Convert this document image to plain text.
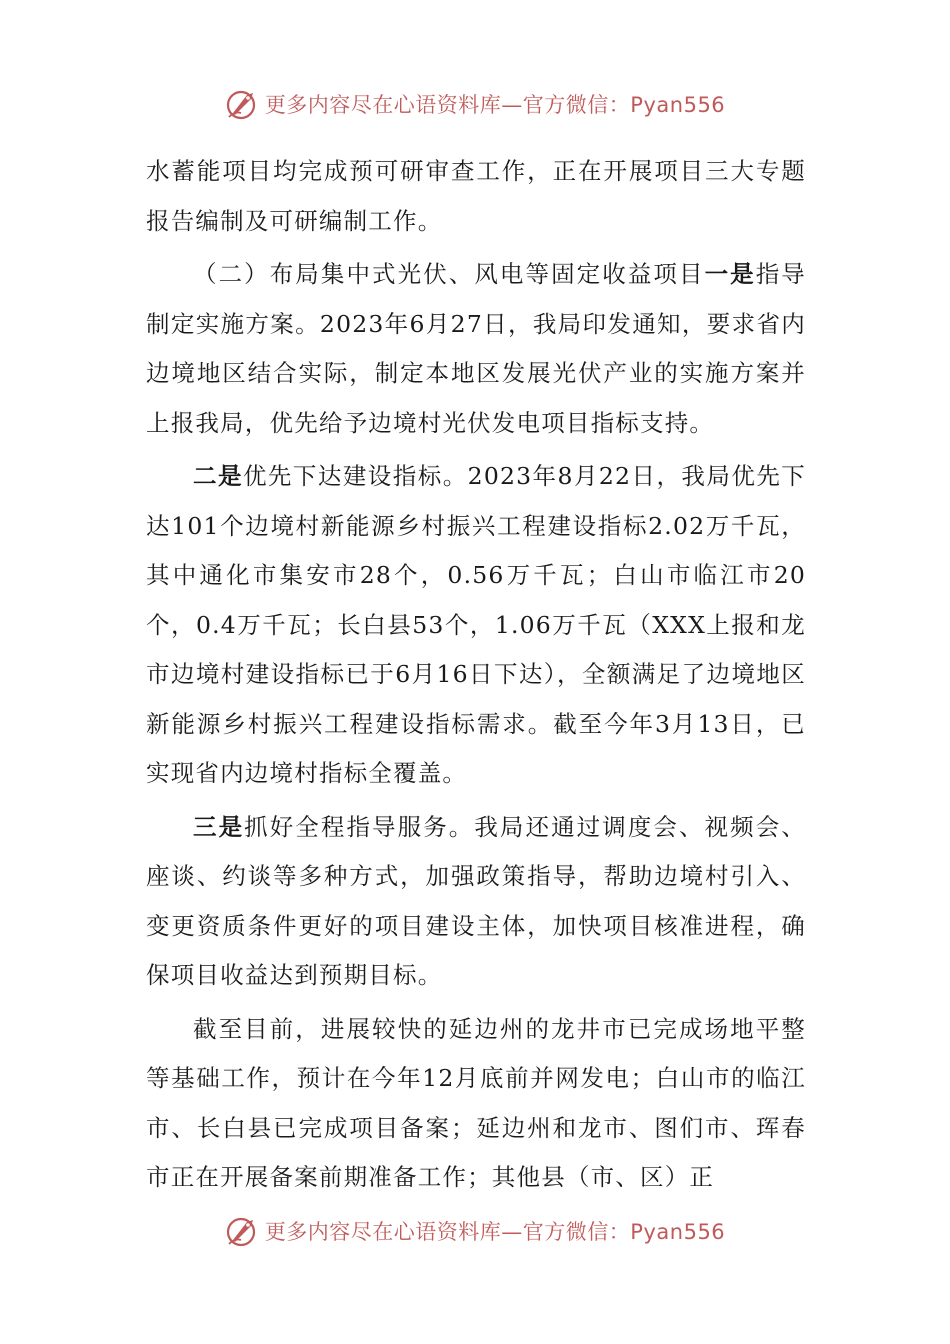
更多内容尽在心语资料库—官方微信：Pyan556

水蓄能项目均完成预可研审查工作，正在开展项目三大专题报告编制及可研编制工作。

（二）布局集中式光伏、风电等固定收益项目一是指导制定实施方案。2023年6月27日，我局印发通知，要求省内边境地区结合实际，制定本地区发展光伏产业的实施方案并上报我局，优先给予边境村光伏发电项目指标支持。

二是优先下达建设指标。2023年8月22日，我局优先下达101个边境村新能源乡村振兴工程建设指标2.02万千瓦，其中通化市集安市28个，0.56万千瓦；白山市临江市20个，0.4万千瓦；长白县53个，1.06万千瓦（XXX上报和龙市边境村建设指标已于6月16日下达），全额满足了边境地区新能源乡村振兴工程建设指标需求。截至今年3月13日，已实现省内边境村指标全覆盖。

三是抓好全程指导服务。我局还通过调度会、视频会、座谈、约谈等多种方式，加强政策指导，帮助边境村引入、变更资质条件更好的项目建设主体，加快项目核准进程，确保项目收益达到预期目标。

截至目前，进展较快的延边州的龙井市已完成场地平整等基础工作，预计在今年12月底前并网发电；白山市的临江市、长白县已完成项目备案；延边州和龙市、图们市、珲春市正在开展备案前期准备工作；其他县（市、区）正

更多内容尽在心语资料库—官方微信：Pyan556
